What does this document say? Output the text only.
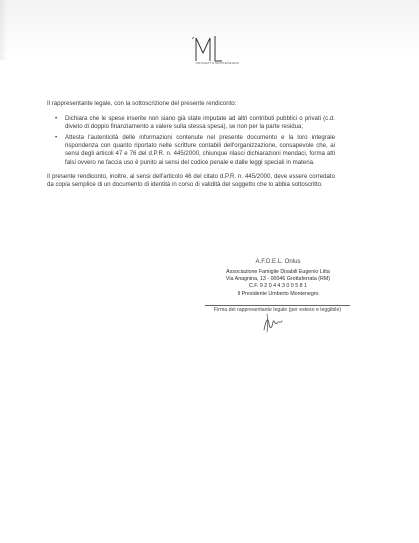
PROGETTO MONTENEGRO

Il rappresentante legale, con la sottoscrizione del presente rendiconto:

• Dichiara che le spese inserite non siano già state imputate ad altri contributi pubblici o privati (c.d. divieto di doppio finanziamento a valere sulla stessa spesa), se non per la parte residua;
• Attesta l'autenticità delle informazioni contenute nel presente documento e la loro integrale rispondenza con quanto riportato nelle scritture contabili dell'organizzazione, consapevole che, ai sensi degli articoli 47 e 76 del d.P.R. n. 445/2000, chiunque rilasci dichiarazioni mendaci, forma atti falsi ovvero ne faccia uso è punito ai sensi del codice penale e dalle leggi speciali in materia.

Il presente rendiconto, inoltre, ai sensi dell'articolo 46 del citato d.P.R. n. 445/2000, deve essere corredato da copia semplice di un documento di identità in corso di validità del soggetto che lo abbia sottoscritto.

A.F.D.E.L. Onlus
Associazione Famiglie Disabili Eugenio Litta
Via Anagnina, 13 - 00046 Grottaferrata (RM)
C.F. 9 2 0 4 4 3 0 0 5 8 1
Il Presidente Umberto Montenegro
Firma del rappresentante legale (per esteso e leggibile)
